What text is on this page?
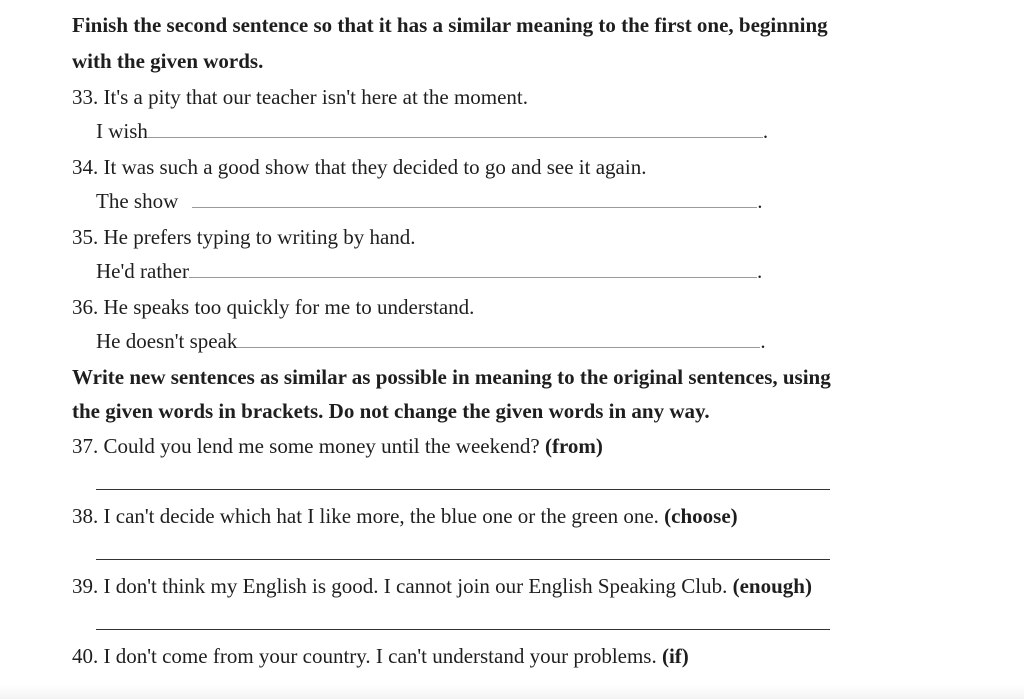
Finish the second sentence so that it has a similar meaning to the first one, beginning
with the given words.
33. It's a pity that our teacher isn't here at the moment.
I wish	.
34. It was such a good show that they decided to go and see it again.
The show	.
35. He prefers typing to writing by hand.
He'd rather	.
36. He speaks too quickly for me to understand.
He doesn't speak	.
Write new sentences as similar as possible in meaning to the original sentences, using
the given words in brackets. Do not change the given words in any way.
37. Could you lend me some money until the weekend? (from)
38. I can't decide which hat I like more, the blue one or the green one. (choose)
39. I don't think my English is good. I cannot join our English Speaking Club. (enough)
40. I don't come from your country. I can't understand your problems. (if)
